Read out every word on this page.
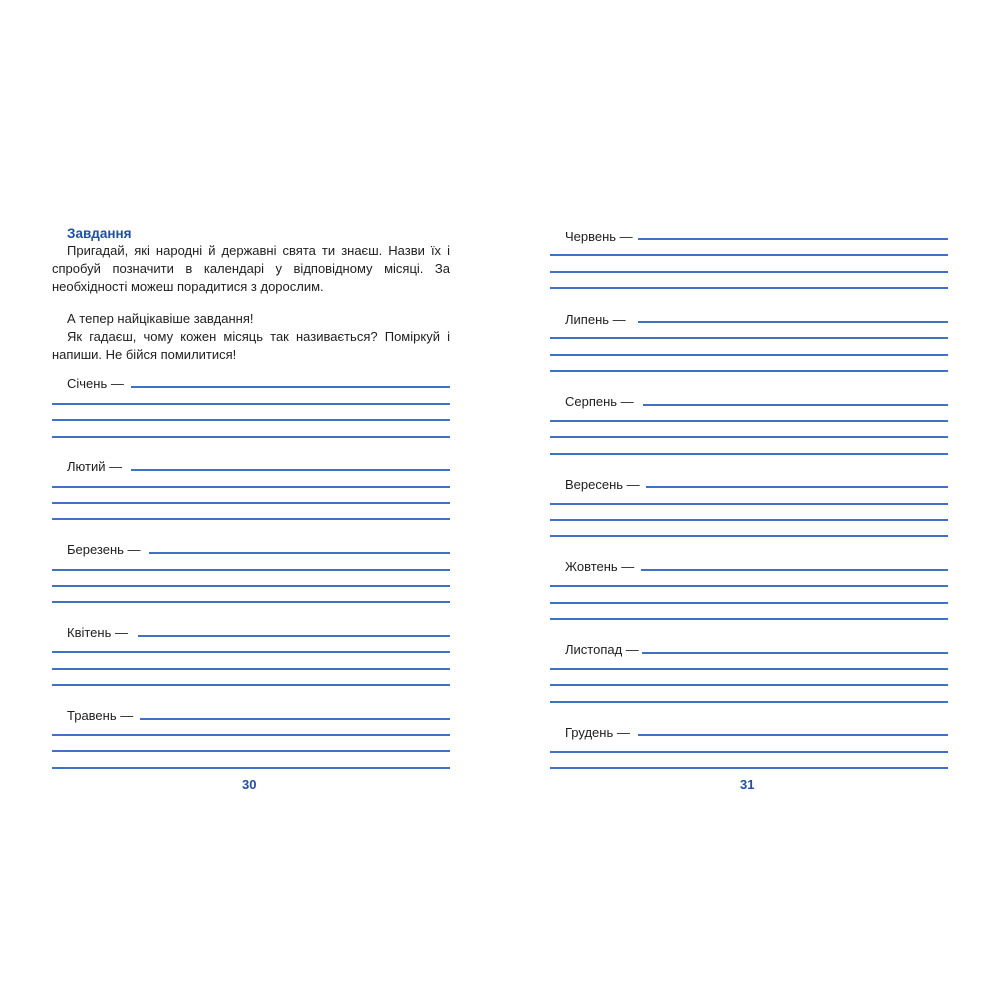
Завдання

Пригадай, які народні й державні свята ти знаєш. Назви їх і спробуй позначити в календарі у відповідному місяці. За необхідності можеш порадитися з дорослим.

А тепер найцікавіше завдання!

Як гадаєш, чому кожен місяць так називається? Поміркуй і напиши. Не бійся помилитися!

Січень —
Лютий —
Березень —
Квітень —
Травень —
30
Червень —
Липень —
Серпень —
Вересень —
Жовтень —
Листопад —
Грудень —
31
